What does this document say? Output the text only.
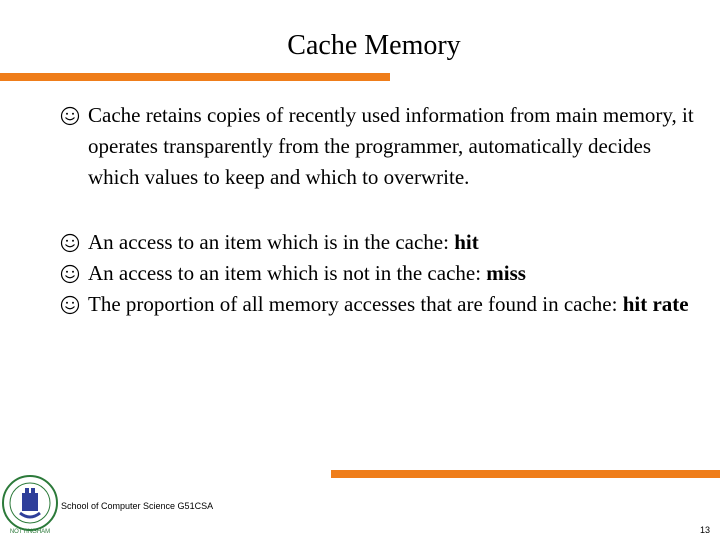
Cache Memory
Cache retains copies of recently used information from main memory, it operates transparently from the programmer, automatically decides which values to keep and which to overwrite.
An access to an item which is in the cache: hit
An access to an item which is not in the cache: miss
The proportion of all memory accesses that are found in cache: hit rate
NOTTINGHAM
School of Computer Science G51CSA
13
